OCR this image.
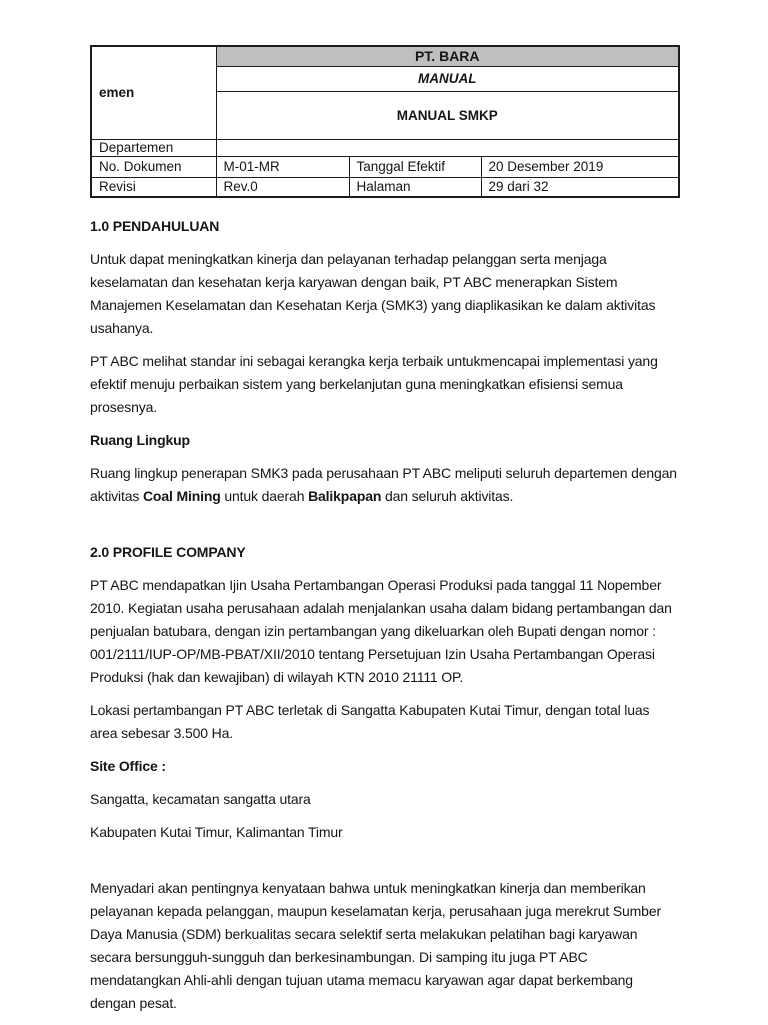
emen	PT. BARA		
	MANUAL		
	MANUAL SMKP		
Departemen			
No. Dokumen	M-01-MR	Tanggal Efektif	20 Desember 2019
Revisi	Rev.0	Halaman	29 dari 32
1.0 PENDAHULUAN

Untuk dapat meningkatkan kinerja dan pelayanan terhadap pelanggan serta menjaga keselamatan dan kesehatan kerja karyawan dengan baik, PT ABC menerapkan Sistem Manajemen Keselamatan dan Kesehatan Kerja (SMK3) yang diaplikasikan ke dalam aktivitas usahanya.

PT ABC melihat standar ini sebagai kerangka kerja terbaik untukmencapai implementasi yang efektif menuju perbaikan sistem yang berkelanjutan guna meningkatkan efisiensi semua prosesnya.

Ruang Lingkup

Ruang lingkup penerapan SMK3 pada perusahaan PT ABC meliputi seluruh departemen dengan aktivitas Coal Mining untuk daerah Balikpapan dan seluruh aktivitas.

2.0 PROFILE COMPANY

PT ABC mendapatkan Ijin Usaha Pertambangan Operasi Produksi pada tanggal 11 Nopember 2010. Kegiatan usaha perusahaan adalah menjalankan usaha dalam bidang pertambangan dan penjualan batubara, dengan izin pertambangan yang dikeluarkan oleh Bupati dengan nomor : 001/2111/IUP-OP/MB-PBAT/XII/2010 tentang Persetujuan Izin Usaha Pertambangan Operasi Produksi (hak dan kewajiban) di wilayah KTN 2010 21111 OP.

Lokasi pertambangan PT ABC terletak di Sangatta Kabupaten Kutai Timur, dengan total luas area sebesar 3.500 Ha.

Site Office :

Sangatta, kecamatan sangatta utara

Kabupaten Kutai Timur, Kalimantan Timur

Menyadari akan pentingnya kenyataan bahwa untuk meningkatkan kinerja dan memberikan pelayanan kepada pelanggan, maupun keselamatan kerja, perusahaan juga merekrut Sumber Daya Manusia (SDM) berkualitas secara selektif serta melakukan pelatihan bagi karyawan secara bersungguh-sungguh dan berkesinambungan. Di samping itu juga PT ABC mendatangkan Ahli-ahli dengan tujuan utama memacu karyawan agar dapat berkembang dengan pesat.
